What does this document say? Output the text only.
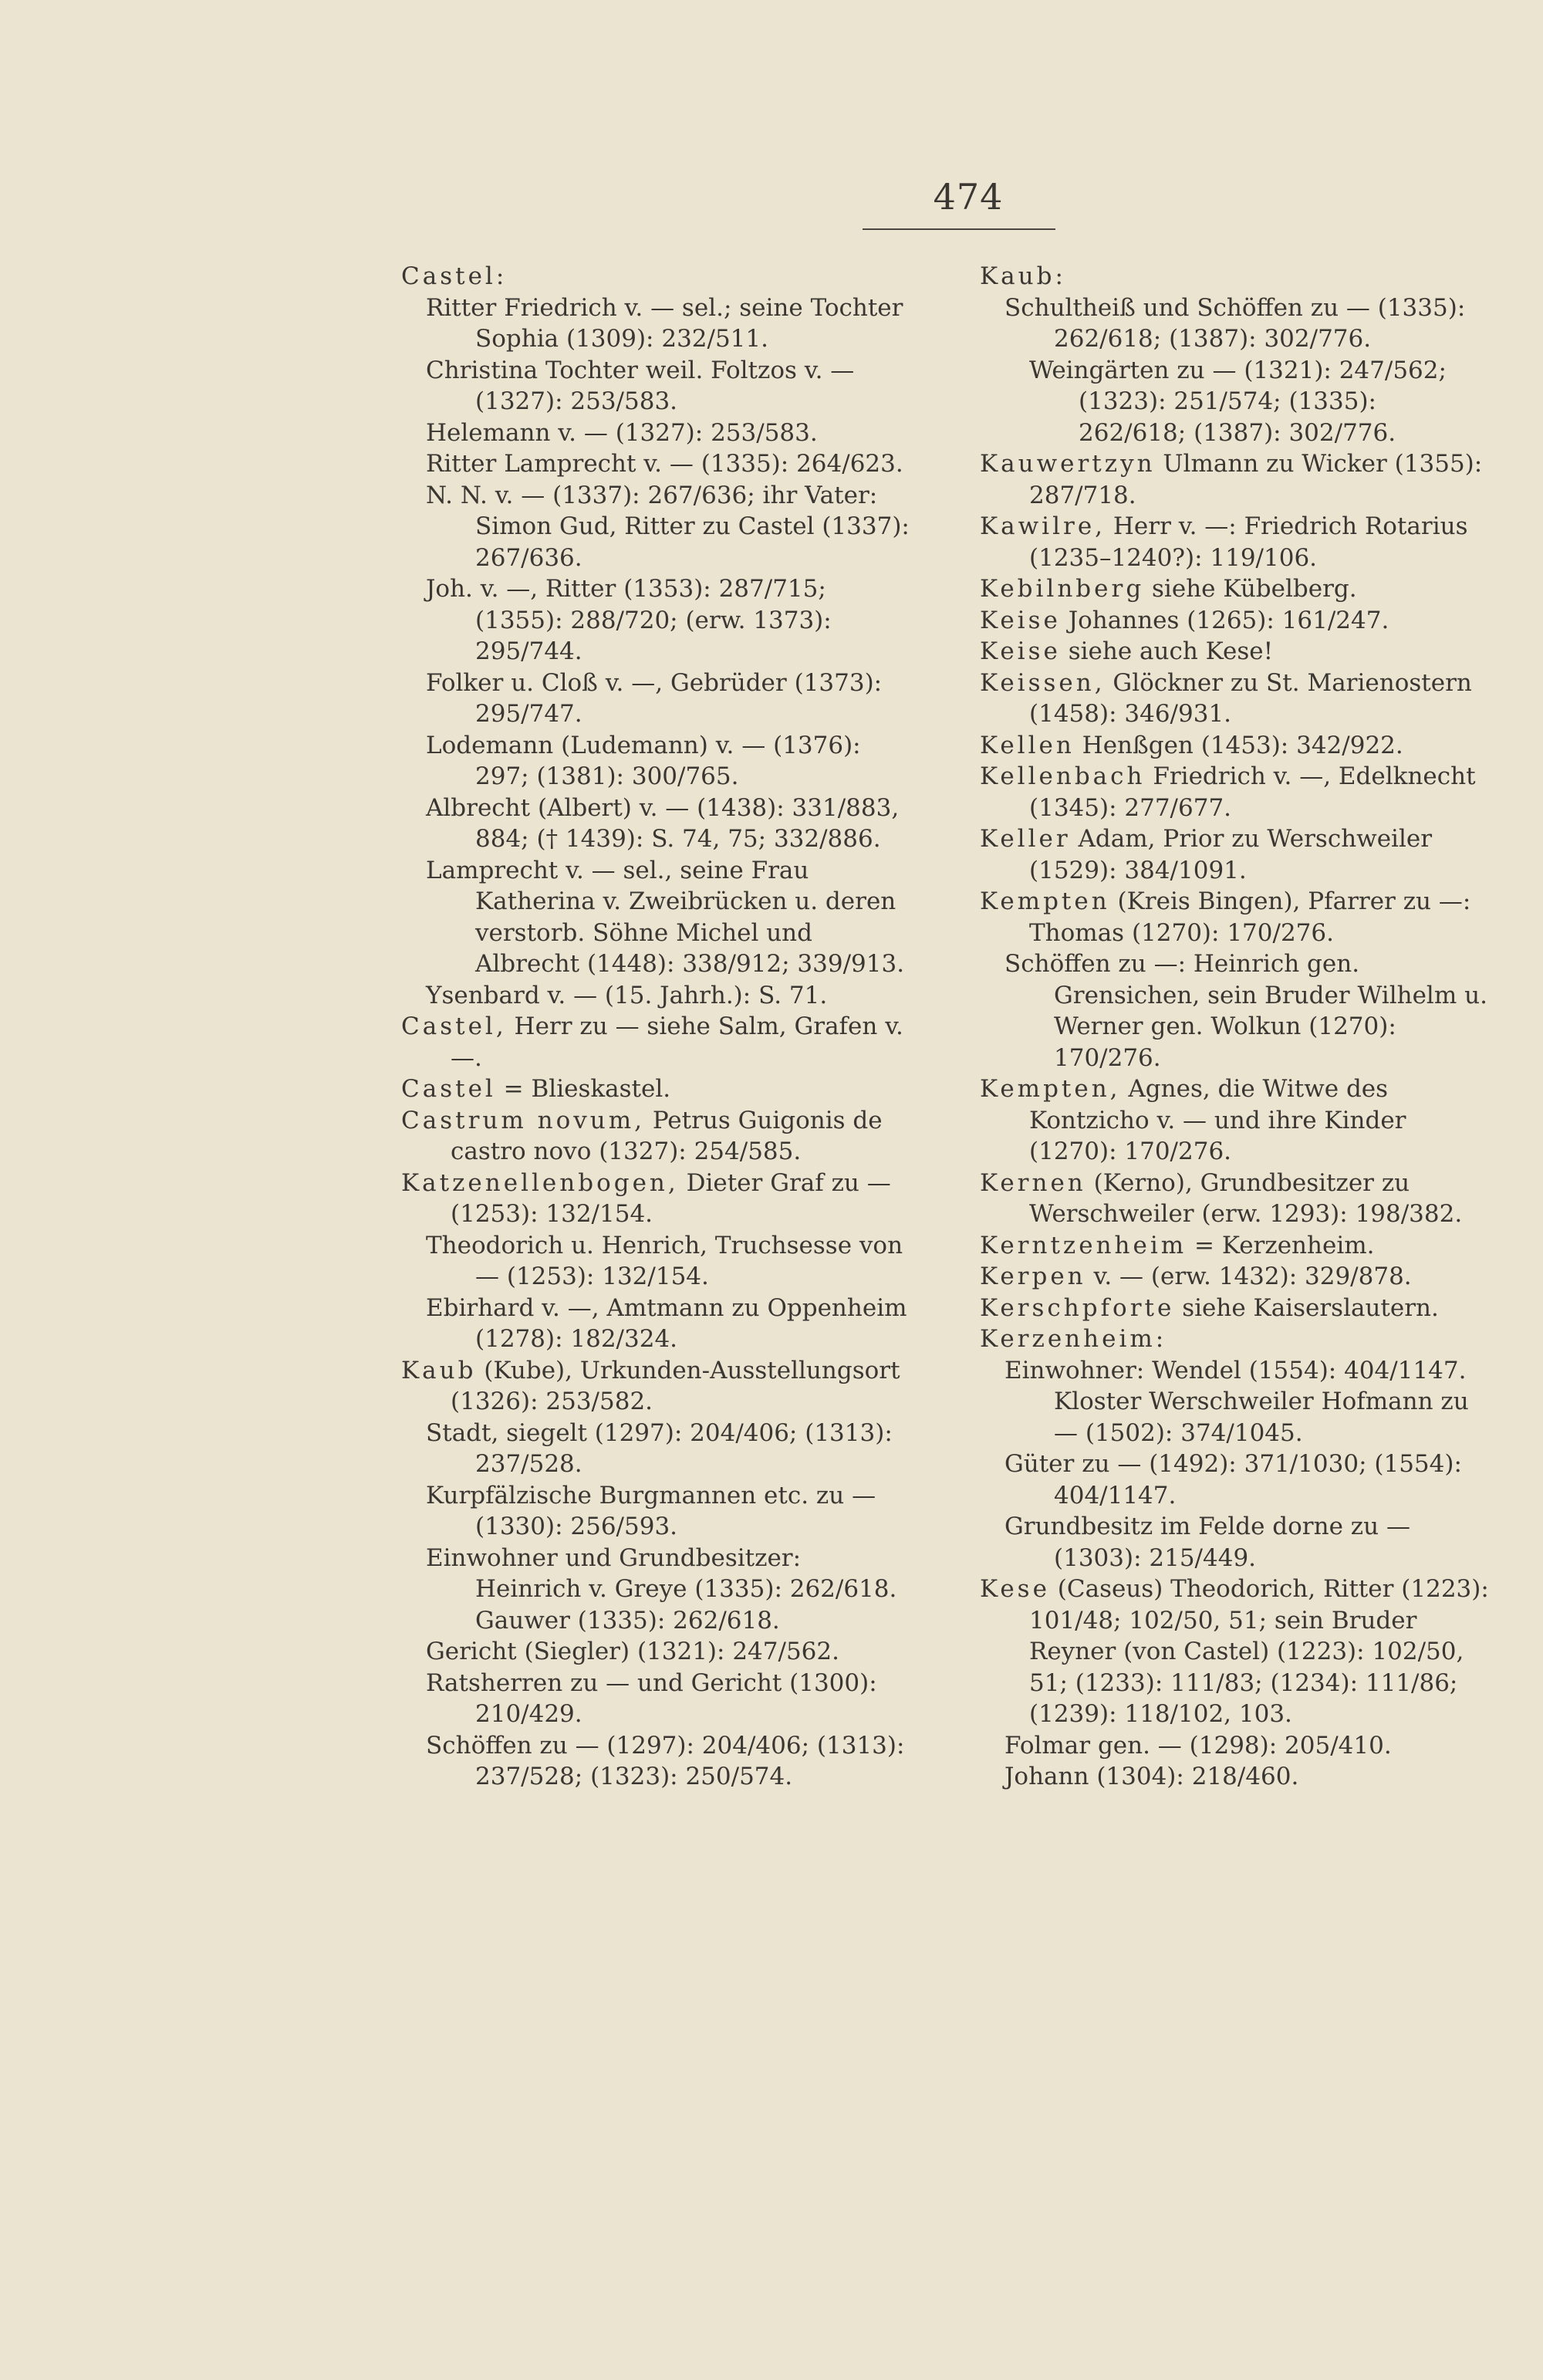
474

Castel:

Ritter Friedrich v. — sel.; seine Tochter Sophia (1309): 232/511.

Christina Tochter weil. Foltzos v. — (1327): 253/583.

Helemann v. — (1327): 253/583.

Ritter Lamprecht v. — (1335): 264/623.

N. N. v. — (1337): 267/636; ihr Vater: Simon Gud, Ritter zu Castel (1337): 267/636.

Joh. v. —, Ritter (1353): 287/715; (1355): 288/720; (erw. 1373): 295/744.

Folker u. Cloß v. —, Gebrüder (1373): 295/747.

Lodemann (Ludemann) v. — (1376): 297; (1381): 300/765.

Albrecht (Albert) v. — (1438): 331/883, 884; († 1439): S. 74, 75; 332/886.

Lamprecht v. — sel., seine Frau Katherina v. Zweibrücken u. deren verstorb. Söhne Michel und Albrecht (1448): 338/912; 339/913.

Ysenbard v. — (15. Jahrh.): S. 71.

Castel, Herr zu — siehe Salm, Grafen v. —.

Castel = Blieskastel.

Castrum novum, Petrus Guigonis de castro novo (1327): 254/585.

Katzenellenbogen, Dieter Graf zu — (1253): 132/154.

Theodorich u. Henrich, Truchsesse von — (1253): 132/154.

Ebirhard v. —, Amtmann zu Oppenheim (1278): 182/324.

Kaub (Kube), Urkunden-Ausstellungsort (1326): 253/582.

Stadt, siegelt (1297): 204/406; (1313): 237/528.

Kurpfälzische Burgmannen etc. zu — (1330): 256/593.

Einwohner und Grundbesitzer: Heinrich v. Greye (1335): 262/618. Gauwer (1335): 262/618.

Gericht (Siegler) (1321): 247/562.

Ratsherren zu — und Gericht (1300): 210/429.

Schöffen zu — (1297): 204/406; (1313): 237/528; (1323): 250/574.

Kaub:

Schultheiß und Schöffen zu — (1335): 262/618; (1387): 302/776.

Weingärten zu — (1321): 247/562; (1323): 251/574; (1335): 262/618; (1387): 302/776.

Kauwertzyn Ulmann zu Wicker (1355): 287/718.

Kawilre, Herr v. —: Friedrich Rotarius (1235–1240?): 119/106.

Kebilnberg siehe Kübelberg.

Keise Johannes (1265): 161/247.

Keise siehe auch Kese!

Keissen, Glöckner zu St. Marienostern (1458): 346/931.

Kellen Henßgen (1453): 342/922.

Kellenbach Friedrich v. —, Edelknecht (1345): 277/677.

Keller Adam, Prior zu Werschweiler (1529): 384/1091.

Kempten (Kreis Bingen), Pfarrer zu —: Thomas (1270): 170/276.

Schöffen zu —: Heinrich gen. Grensichen, sein Bruder Wilhelm u. Werner gen. Wolkun (1270): 170/276.

Kempten, Agnes, die Witwe des Kontzicho v. — und ihre Kinder (1270): 170/276.

Kernen (Kerno), Grundbesitzer zu Werschweiler (erw. 1293): 198/382.

Kerntzenheim = Kerzenheim.

Kerpen v. — (erw. 1432): 329/878.

Kerschpforte siehe Kaiserslautern.

Kerzenheim:

Einwohner: Wendel (1554): 404/1147. Kloster Werschweiler Hofmann zu — (1502): 374/1045.

Güter zu — (1492): 371/1030; (1554): 404/1147.

Grundbesitz im Felde dorne zu — (1303): 215/449.

Kese (Caseus) Theodorich, Ritter (1223): 101/48; 102/50, 51; sein Bruder Reyner (von Castel) (1223): 102/50, 51; (1233): 111/83; (1234): 111/86; (1239): 118/102, 103.

Folmar gen. — (1298): 205/410.

Johann (1304): 218/460.
